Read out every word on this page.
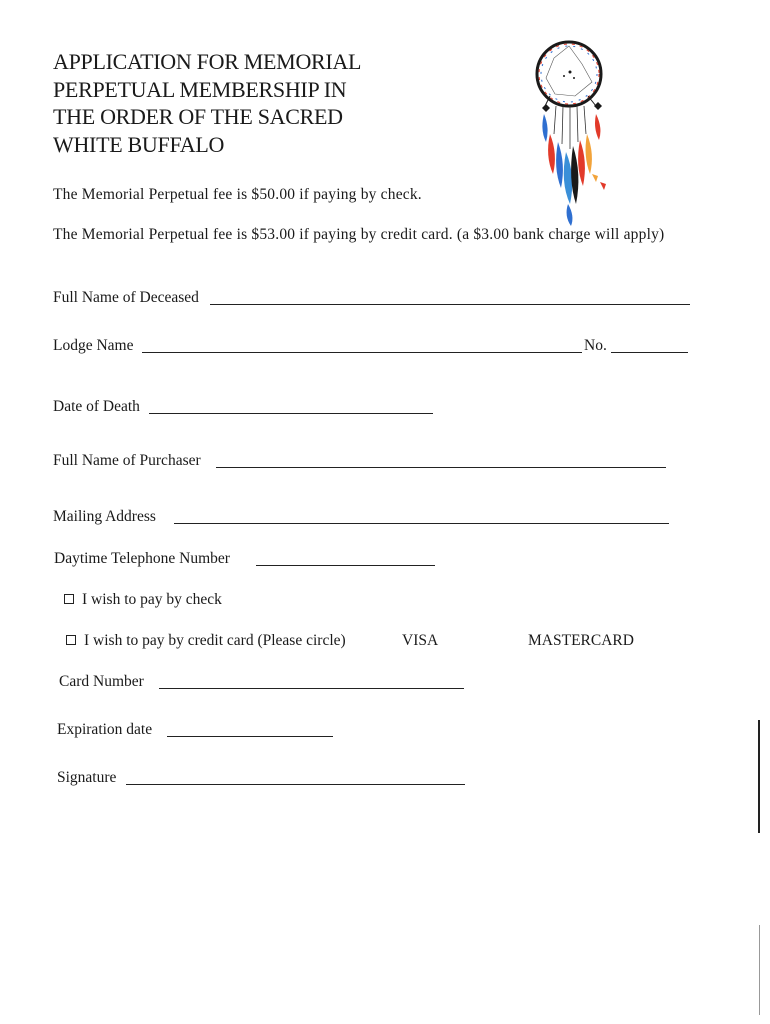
APPLICATION FOR MEMORIAL
PERPETUAL MEMBERSHIP IN
THE ORDER OF THE SACRED
WHITE BUFFALO
The Memorial Perpetual fee is $50.00 if paying by check.
The Memorial Perpetual fee is $53.00 if paying by credit card. (a $3.00 bank charge will apply)
Full Name of Deceased
Lodge Name	No.
Date of Death
Full Name of Purchaser
Mailing Address
Daytime Telephone Number
I wish to pay by check
I wish to pay by credit card (Please circle)	VISA	MASTERCARD
Card Number
Expiration date
Signature
